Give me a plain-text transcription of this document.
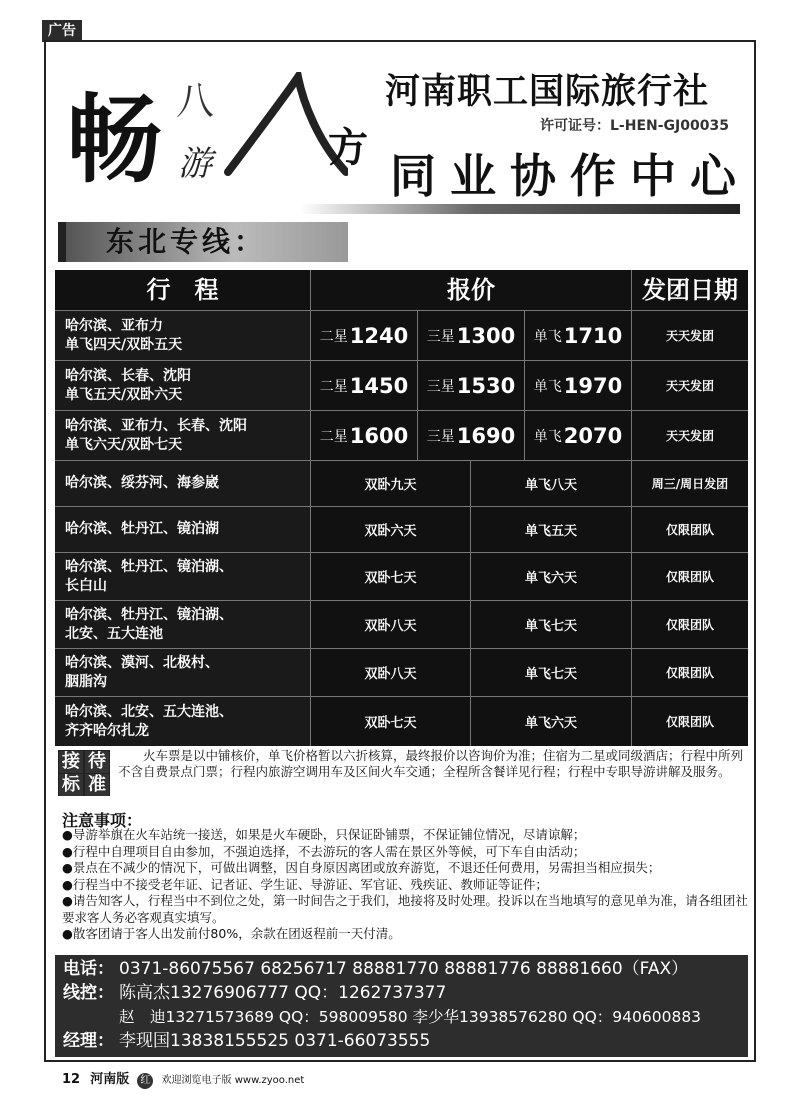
广告
畅 八
游	方
河南职工国际旅行社
许可证号：L-HEN-GJ00035
同业协作中心
东北专线：
行　程	报价	发团日期
哈尔滨、亚布力
单飞四天/双卧五天	二星 1240 三星 1300 单飞 1710	天天发团
哈尔滨、长春、沈阳
单飞五天/双卧六天	二星 1450 三星 1530 单飞 1970	天天发团
哈尔滨、亚布力、长春、沈阳
单飞六天/双卧七天	二星 1600 三星 1690 单飞 2070	天天发团
哈尔滨、绥芬河、海参崴	双卧九天	单飞八天	周三/周日发团
哈尔滨、牡丹江、镜泊湖	双卧六天	单飞五天	仅限团队
哈尔滨、牡丹江、镜泊湖、
长白山	双卧七天	单飞六天	仅限团队
哈尔滨、牡丹江、镜泊湖、
北安、五大连池	双卧八天	单飞七天	仅限团队
哈尔滨、漠河、北极村、
胭脂沟	双卧八天	单飞七天	仅限团队
哈尔滨、北安、五大连池、
齐齐哈尔扎龙	双卧七天	单飞六天	仅限团队
接 待
标 准
火车票是以中铺核价，单飞价格暂以六折核算，最终报价以咨询价为准；住宿为二星或同级酒店；行程中所列不含自费景点门票；行程内旅游空调用车及区间火车交通；全程所含餐详见行程；行程中专职导游讲解及服务。
注意事项：

●导游举旗在火车站统一接送，如果是火车硬卧，只保证卧铺票，不保证铺位情况，尽请谅解；

●行程中自理项目自由参加，不强迫选择，不去游玩的客人需在景区外等候，可下车自由活动；

●景点在不减少的情况下，可做出调整，因自身原因离团或放弃游览，不退还任何费用，另需担当相应损失；

●行程当中不接受老年证、记者证、学生证、导游证、军官证、残疾证、教师证等证件；

●请告知客人，行程当中不到位之处，第一时间告之于我们，地接将及时处理。投诉以在当地填写的意见单为准，请各组团社要求客人务必客观真实填写。

●散客团请于客人出发前付80%，余款在团返程前一天付清。

电话： 0371-86075567 68256717 88881770 88881776 88881660（FAX）
线控： 陈高杰13276906777 QQ：1262737377
赵　迪13271573689 QQ：598009580 李少华13938576280 QQ：940600883
经理： 李现国13838155525 0371-66073555
12 河南版 红 欢迎浏览电子版 www.zyoo.net
